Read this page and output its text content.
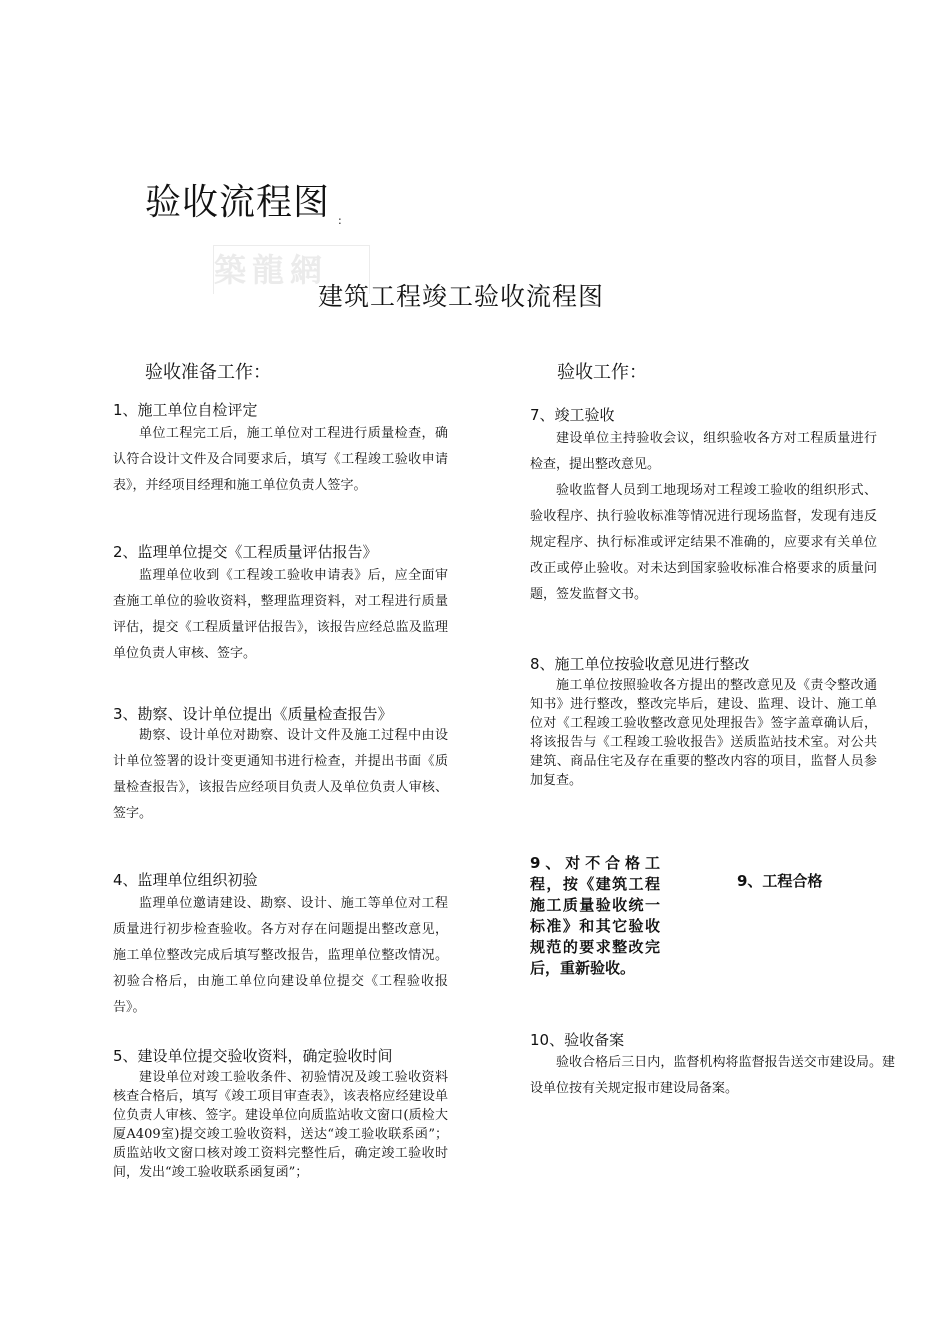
验收流程图 :
築龍網
建筑工程竣工验收流程图
验收准备工作：	验收工作：
1、施工单位自检评定

单位工程完工后，施工单位对工程进行质量检查，确认符合设计文件及合同要求后，填写《工程竣工验收申请表》，并经项目经理和施工单位负责人签字。

2、监理单位提交《工程质量评估报告》

监理单位收到《工程竣工验收申请表》后，应全面审查施工单位的验收资料，整理监理资料，对工程进行质量评估，提交《工程质量评估报告》，该报告应经总监及监理单位负责人审核、签字。

3、勘察、设计单位提出《质量检查报告》

勘察、设计单位对勘察、设计文件及施工过程中由设计单位签署的设计变更通知书进行检查，并提出书面《质量检查报告》，该报告应经项目负责人及单位负责人审核、签字。

4、监理单位组织初验

监理单位邀请建设、勘察、设计、施工等单位对工程质量进行初步检查验收。各方对存在问题提出整改意见，施工单位整改完成后填写整改报告，监理单位整改情况。初验合格后，由施工单位向建设单位提交《工程验收报告》。

5、建设单位提交验收资料，确定验收时间

建设单位对竣工验收条件、初验情况及竣工验收资料核查合格后，填写《竣工项目审查表》，该表格应经建设单位负责人审核、签字。建设单位向质监站收文窗口(质检大厦A409室)提交竣工验收资料，送达“竣工验收联系函”；质监站收文窗口核对竣工资料完整性后，确定竣工验收时间，发出“竣工验收联系函复函”；

7、竣工验收

建设单位主持验收会议，组织验收各方对工程质量进行检查，提出整改意见。

验收监督人员到工地现场对工程竣工验收的组织形式、验收程序、执行验收标准等情况进行现场监督，发现有违反规定程序、执行标准或评定结果不准确的，应要求有关单位改正或停止验收。对未达到国家验收标准合格要求的质量问题，签发监督文书。

8、施工单位按验收意见进行整改

施工单位按照验收各方提出的整改意见及《责令整改通知书》进行整改，整改完毕后，建设、监理、设计、施工单位对《工程竣工验收整改意见处理报告》签字盖章确认后，将该报告与《工程竣工验收报告》送质监站技术室。对公共建筑、商品住宅及存在重要的整改内容的项目，监督人员参加复查。

9、对不合格工程，按《建筑工程施工质量验收统一标准》和其它验收规范的要求整改完后，重新验收。
9、工程合格
10、验收备案

验收合格后三日内，监督机构将监督报告送交市建设局。建设单位按有关规定报市建设局备案。
